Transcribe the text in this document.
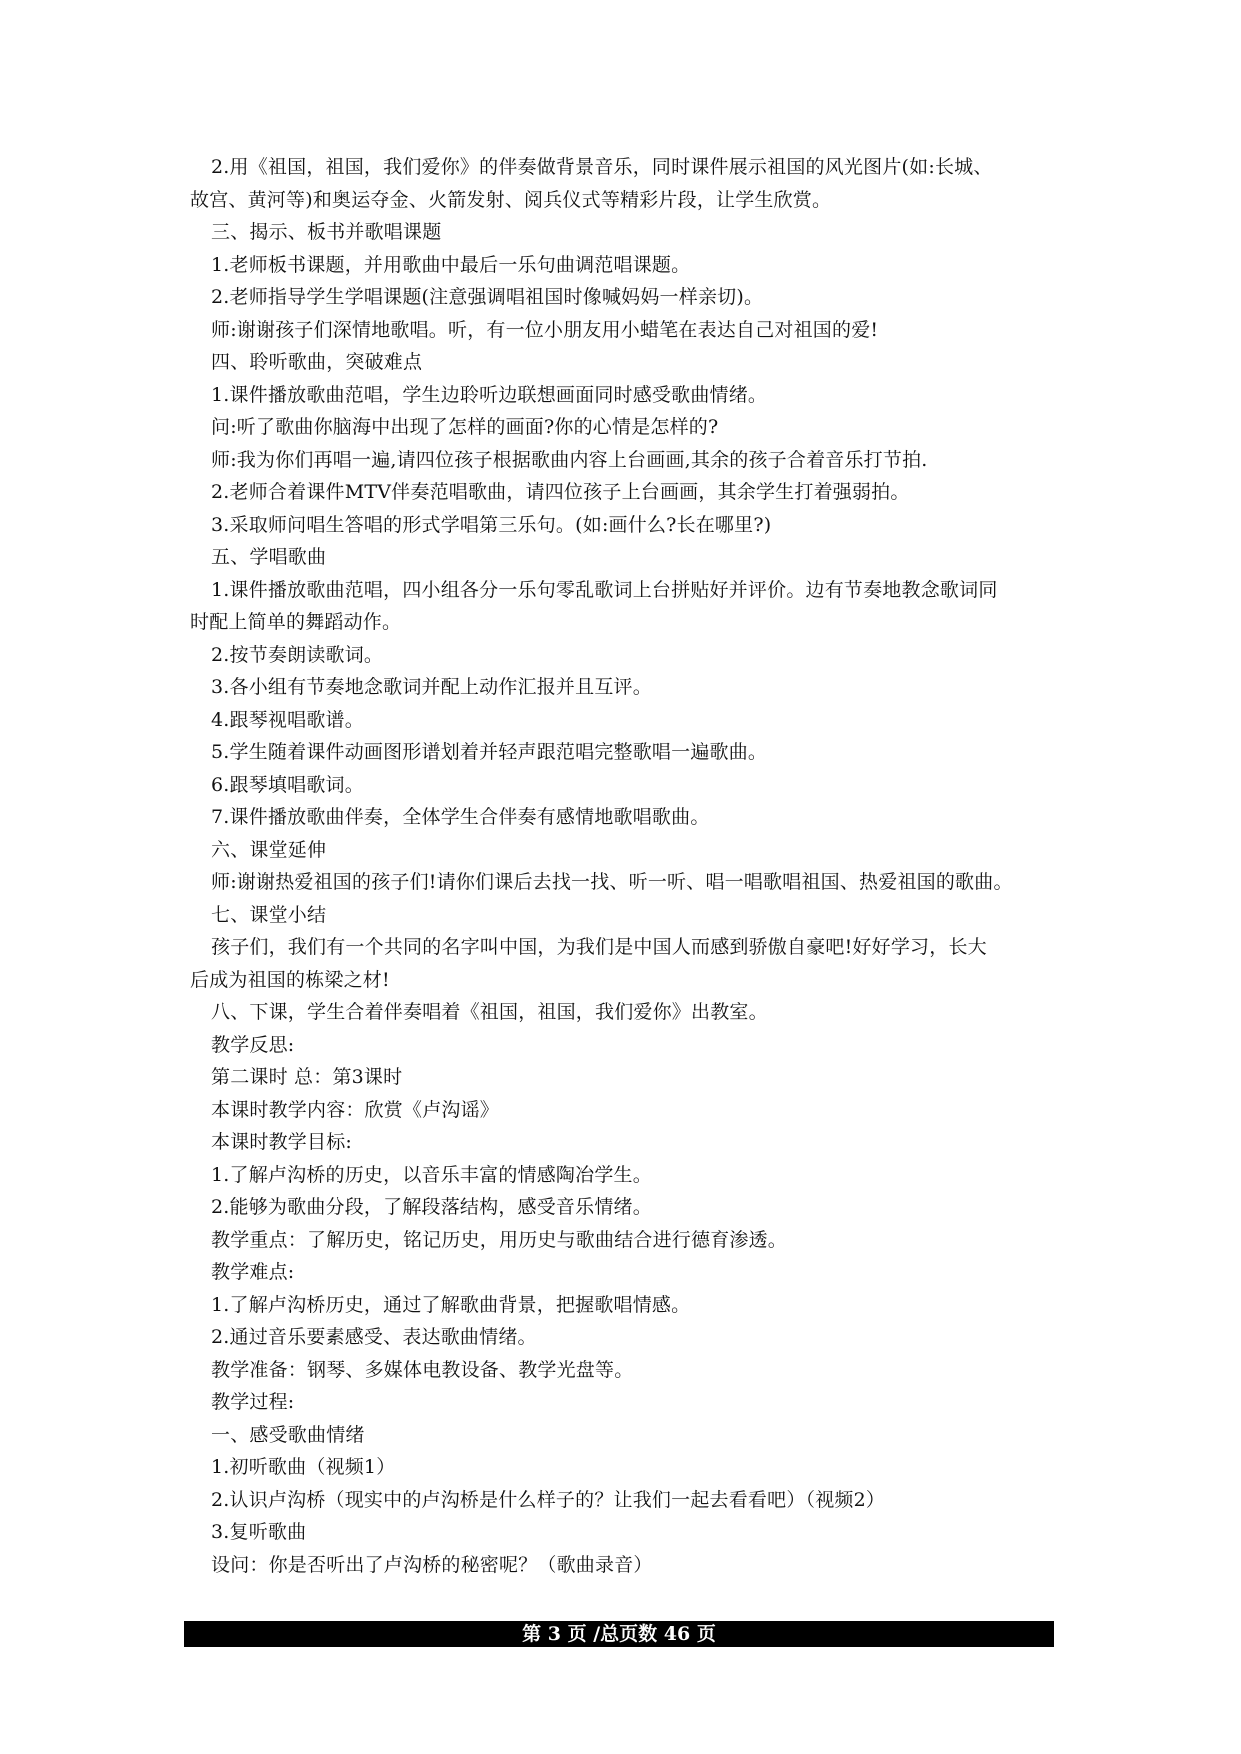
2.用《祖国，祖国，我们爱你》的伴奏做背景音乐，同时课件展示祖国的风光图片(如:长城、
故宫、黄河等)和奥运夺金、火箭发射、阅兵仪式等精彩片段，让学生欣赏。
三、揭示、板书并歌唱课题
1.老师板书课题，并用歌曲中最后一乐句曲调范唱课题。
2.老师指导学生学唱课题(注意强调唱祖国时像喊妈妈一样亲切)。
师:谢谢孩子们深情地歌唱。听，有一位小朋友用小蜡笔在表达自己对祖国的爱!
四、聆听歌曲，突破难点
1.课件播放歌曲范唱，学生边聆听边联想画面同时感受歌曲情绪。
问:听了歌曲你脑海中出现了怎样的画面?你的心情是怎样的?
师:我为你们再唱一遍,请四位孩子根据歌曲内容上台画画,其余的孩子合着音乐打节拍.
2.老师合着课件MTV伴奏范唱歌曲，请四位孩子上台画画，其余学生打着强弱拍。
3.采取师问唱生答唱的形式学唱第三乐句。(如:画什么?长在哪里?)
五、学唱歌曲
1.课件播放歌曲范唱，四小组各分一乐句零乱歌词上台拼贴好并评价。边有节奏地教念歌词同
时配上简单的舞蹈动作。
2.按节奏朗读歌词。
3.各小组有节奏地念歌词并配上动作汇报并且互评。
4.跟琴视唱歌谱。
5.学生随着课件动画图形谱划着并轻声跟范唱完整歌唱一遍歌曲。
6.跟琴填唱歌词。
7.课件播放歌曲伴奏，全体学生合伴奏有感情地歌唱歌曲。
六、课堂延伸
师:谢谢热爱祖国的孩子们!请你们课后去找一找、听一听、唱一唱歌唱祖国、热爱祖国的歌曲。
七、课堂小结
孩子们，我们有一个共同的名字叫中国，为我们是中国人而感到骄傲自豪吧!好好学习，长大
后成为祖国的栋梁之材!
八、下课，学生合着伴奏唱着《祖国，祖国，我们爱你》出教室。
教学反思:
第二课时 总：第3课时
本课时教学内容：欣赏《卢沟谣》
本课时教学目标:
1.了解卢沟桥的历史，以音乐丰富的情感陶冶学生。
2.能够为歌曲分段，了解段落结构，感受音乐情绪。
教学重点：了解历史，铭记历史，用历史与歌曲结合进行德育渗透。
教学难点:
1.了解卢沟桥历史，通过了解歌曲背景，把握歌唱情感。
2.通过音乐要素感受、表达歌曲情绪。
教学准备：钢琴、多媒体电教设备、教学光盘等。
教学过程:
一、感受歌曲情绪
1.初听歌曲（视频1）
2.认识卢沟桥（现实中的卢沟桥是什么样子的？让我们一起去看看吧）（视频2）
3.复听歌曲
设问：你是否听出了卢沟桥的秘密呢？（歌曲录音）
第 3 页 /总页数 46 页
